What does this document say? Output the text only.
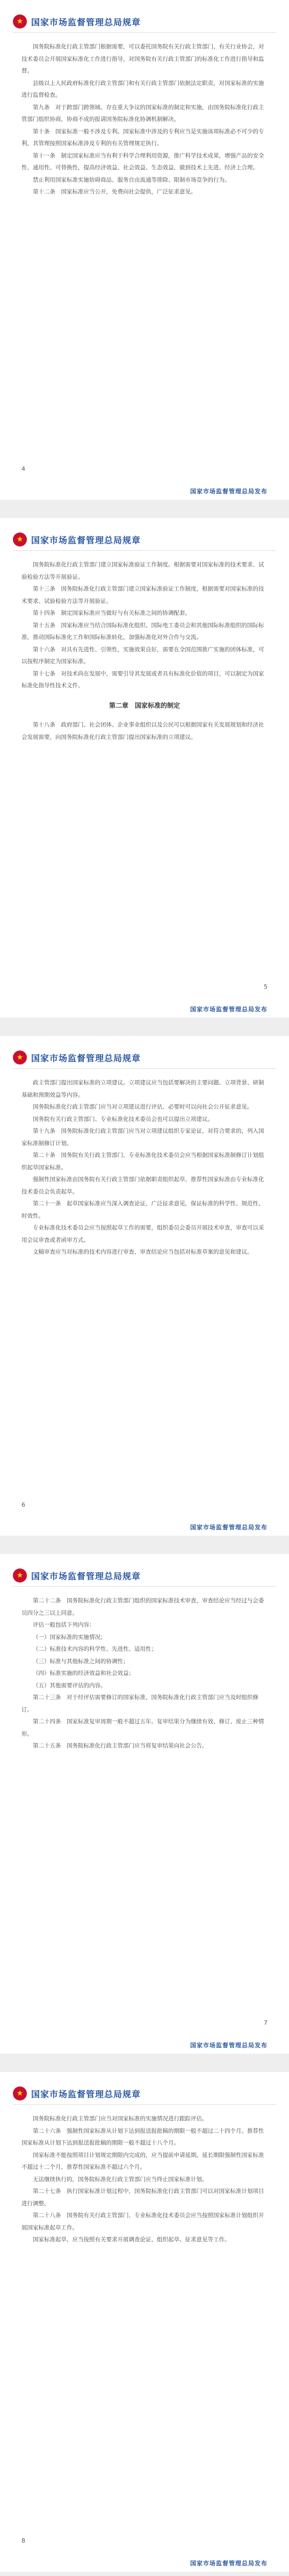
★
国家市场监督管理总局规章

国务院标准化行政主管部门根据需要，可以委托国务院有关行政主管部门、有关行业协会，对技术委员会开展国家标准化工作进行指导，对国务院有关行政主管部门的标准化工作进行指导和监督。

县级以上人民政府标准化行政主管部门和有关行政主管部门依据法定职责，对国家标准的实施进行监督检查。

第九条　对于跨部门跨领域、存在重大争议的国家标准的制定和实施，由国务院标准化行政主管部门组织协商，协商不成的报请国务院标准化协调机制解决。

第十条　国家标准一般不涉及专利。国家标准中涉及的专利应当是实施该项标准必不可少的专利，其管理按照国家标准涉及专利的有关管理规定执行。

第十一条　制定国家标准应当有利于科学合理利用资源，推广科学技术成果，增强产品的安全性、通用性、可替换性，提高经济效益、社会效益、生态效益，做到技术上先进、经济上合理。

禁止利用国家标准实施妨碍商品、服务自由流通等排除、限制市场竞争的行为。

第十二条　国家标准应当公开，免费向社会提供，广泛征求意见。

4
国家市场监督管理总局发布
★
国家市场监督管理总局规章

国务院标准化行政主管部门建立国家标准验证工作制度。根据需要对国家标准的技术要求、试验检验方法等开展验证。

第十三条　国务院标准化行政主管部门建立国家标准验证工作制度，根据需要对国家标准的技术要求、试验检验方法等开展验证。

第十四条　制定国家标准应当做好与有关标准之间的协调配套。

第十五条　国家标准应当结合国际标准化组织、国际电工委员会和其他国际标准组织的国际标准，推动国际标准化工作和国际标准转化，加强标准化对外合作与交流。

第十六条　对具有先进性、引领性，实施效果良好，需要在全国范围推广实施的团体标准，可以按程序制定为国家标准。

第十七条　对技术尚在发展中，需要引导其发展或者具有标准化价值的项目，可以制定为国家标准化指导性技术文件。

第二章　国家标准的制定

第十八条　政府部门、社会团体、企业事业组织以及公民可以根据国家有关发展规划和经济社会发展需要，向国务院标准化行政主管部门提出国家标准的立项建议。

5
国家市场监督管理总局发布
★
国家市场监督管理总局规章

政主管部门提出国家标准的立项建议。立项建议应当包括要解决的主要问题、立项背景、研制基础和预期效益等内容。

国务院标准化行政主管部门应当对立项建议进行评估，必要时可以向社会公开征求意见。

国务院有关行政主管部门、专业标准化技术委员会也可以提出立项建议。

第十九条　国务院标准化行政主管部门应当对立项建议组织专家论证，对符合要求的，列入国家标准制修订计划。

第二十条　国务院有关行政主管部门、专业标准化技术委员会应当根据国家标准制修订计划组织起草国家标准。

强制性国家标准由国务院有关行政主管部门依据职责组织起草，推荐性国家标准由专业标准化技术委员会负责起草。

第二十一条　起草国家标准应当深入调查论证，广泛征求意见，保证标准的科学性、规范性、时效性。

专业标准化技术委员会应当按照起草工作的需要，组织委员会委员开展技术审查，审查可以采用会议审查或者函审方式。

文稿审查应当对标准的技术内容进行审查，审查结论应当包括对标准草案的意见和建议。

6
国家市场监督管理总局发布
★
国家市场监督管理总局规章

第二十二条　国务院标准化行政主管部门组织的国家标准技术审查，审查结论应当经过与会委员四分之三以上同意。

评估一般包括下列内容：

（一）国家标准的实施情况；

（二）标准技术内容的科学性、先进性、适用性；

（三）标准与其他标准之间的协调性；

（四）标准实施的经济效益和社会效益；

（五）其他需要评估的内容。

第二十三条　对于经评估需要修订的国家标准，国务院标准化行政主管部门应当及时组织修订。

第二十四条　国家标准复审周期一般不超过五年。复审结果分为继续有效、修订、废止三种情形。

第二十五条　国务院标准化行政主管部门应当将复审结果向社会公告。

7
国家市场监督管理总局发布
★
国家市场监督管理总局规章

国务院标准化行政主管部门应当对国家标准的实施情况进行跟踪评估。

第二十六条　强制性国家标准从计划下达到报送报批稿的期限一般不超过二十四个月。推荐性国家标准从计划下达到报送报批稿的期限一般不超过十八个月。

国家标准不能按照项目计划规定期限内完成的，应当提前申请延期。延长期限强制性国家标准不超过十二个月，推荐性国家标准不超过六个月。

无法继续执行的，国务院标准化行政主管部门应当终止国家标准计划。

第二十七条　执行国家标准计划过程中，国务院标准化行政主管部门可以对国家标准计划项目进行调整。

第二十八条　国务院有关行政主管部门、专业标准化技术委员会应当按照国家标准计划组织开展国家标准起草工作。

国家标准起草，应当按照有关要求开展调查论证、组织起草、征求意见等工作。

8
国家市场监督管理总局发布
